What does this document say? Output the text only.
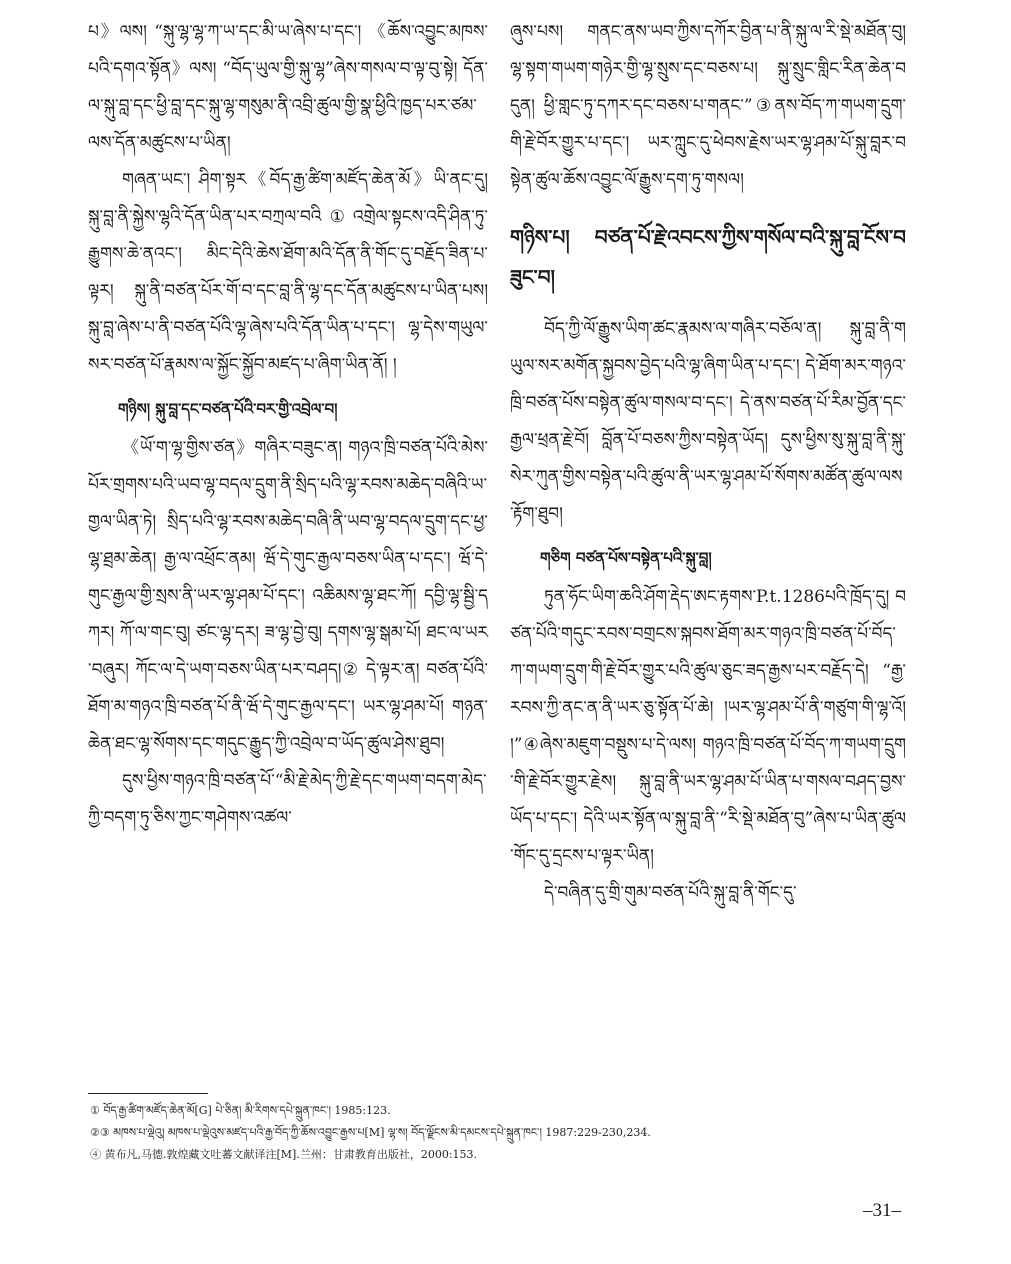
པ》ལས། “སྐུ་ལྷ་ལྷ་ཀ་ཡ་དང་མི་ཡ་ཞེས་པ་དང་། 《ཆོས་འབྱུང་མཁས་པའི་དགའ་སྟོན》ལས། “བོད་ཡུལ་གྱི་སྐུ་ལྷ”ཞེས་གསལ་བ་ལྟ་བུ་སྟེ། དོན་ལ་སྐུ་བླ་དང་ཕྱི་བླ་དང་སྐུ་ལྷ་གསུམ་ནི་འབྲི་ཚུལ་གྱི་སྣ་ཕྱིའི་ཁྱད་པར་ཙམ་ལས་དོན་མཚུངས་པ་ཡིན།

གཞན་ཡང་། ཤིག་སྟར《བོད་རྒྱ་ཚིག་མཛོད་ཆེན་མོ》ཡི་ནང་དུ། སྐུ་བླ་ནི་སྐྱེས་ལྷའི་དོན་ཡིན་པར་བཀྲལ་བའི①འགྲེལ་སྟངས་འདི་ཤིན་ཏུ་རྒྱུགས་ཆེ་ནའང་། མིང་དེའི་ཆེས་ཐོག་མའི་དོན་ནི་གོང་དུ་བརྗོད་ཟིན་པ་ལྟར། སྐུ་ནི་བཙན་པོར་གོ་བ་དང་བླ་ནི་ལྷ་དང་དོན་མཚུངས་པ་ཡིན་པས། སྐུ་བླ་ཞེས་པ་ནི་བཙན་པོའི་ལྷ་ཞེས་པའི་དོན་ཡིན་པ་དང་། ལྷ་དེས་གཡུལ་སར་བཙན་པོ་རྣམས་ལ་སྐྱོང་སྐྱོབ་མཛད་པ་ཞིག་ཡིན་ནོ། །

གཉིས། སྐུ་བླ་དང་བཙན་པོའི་བར་གྱི་འབྲེལ་བ།

《ཡོ་ག་ལྷ་གྱིས་ཙན》གཞིར་བཟུང་ན། གཉའ་ཁྲི་བཙན་པོའི་མེས་པོར་གྲགས་པའི་ཡབ་ལྷ་བདལ་དྲུག་ནི་སྲིད་པའི་ལྷ་རབས་མཆེད་བཞིའི་ཡ་གྱལ་ཡིན་ཏེ། སྲིད་པའི་ལྷ་རབས་མཆེད་བཞི་ནི་ཡབ་ལྷ་བདལ་དྲུག་དང་ཕྱ་ལྷ་ཐྲམ་ཆེན། རྒྱ་ལ་འཕྲོང་ནམ། ཝོ་དེ་གུང་རྒྱལ་བཅས་ཡིན་པ་དང་། ཝོ་དེ་གུང་རྒྱལ་གྱི་སྲས་ནི་ཡར་ལྷ་ཤམ་པོ་དང་། འཆིམས་ལྷ་ཐང་ཀོ། དབྱི་ལྷ་སྦྱི་དཀར། ཀོ་ལ་གང་བུ། ཙང་ལྷ་དར། ཟ་ལྷ་བྱེ་བུ། དགས་ལྷ་སྒམ་པོ། ཐང་ལ་ཡར་བཞུར། ཀོང་ལ་དེ་ཡག་བཅས་ཡིན་པར་བཤད།② དེ་ལྟར་ན། བཙན་པོའི་ཐོག་མ་གཉའ་ཁྲི་བཙན་པོ་ནི་ཝོ་དེ་གུང་རྒྱལ་དང་། ཡར་ལྷ་ཤམ་པོ། གཉན་ཆེན་ཐང་ལྷ་སོགས་དང་གདུང་རྒྱུད་ཀྱི་འབྲེལ་བ་ཡོད་ཚུལ་ཤེས་ཐུབ།

དུས་ཕྱིས་གཉའ་ཁྲི་བཙན་པོ་“མི་རྗེ་མེད་ཀྱི་རྗེ་དང་གཡག་བདག་མེད་ཀྱི་བདག་ཏུ་ཅིས་ཀྱང་གཤེགས་འཚལ་

ཞུས་པས། གནང་ནས་ཡབ་ཀྱིས་དཀོར་བྱིན་པ་ནི་སྐུ་ལ་རི་སྡེ་མཐོན་བུ། ལྷ་སྟག་གཡག་གཉེར་གྱི་ལྷ་སྲུས་དང་བཅས་པ། སྐུ་སྲུང་གླིང་རིན་ཆེན་བདུན། ཕྱི་གླང་ཏུ་དཀར་དང་བཅས་པ་གནང་”③ནས་བོད་ཀ་གཡག་དྲུག་གི་རྗེ་བོར་གྱུར་པ་དང་། ཡར་ཀླུང་དུ་ཕེབས་རྗེས་ཡར་ལྷ་ཤམ་པོ་སྐུ་བླར་བསྟེན་ཚུལ་ཆོས་འབྱུང་ལོ་རྒྱུས་དག་ཏུ་གསལ།

གཉིས་པ། བཙན་པོ་རྗེ་འབངས་ཀྱིས་གསོལ་བའི་སྐུ་བླ་ངོས་བཟུང་བ།

བོད་ཀྱི་ལོ་རྒྱུས་ཡིག་ཚང་རྣམས་ལ་གཞིར་བཅོལ་ན། སྐུ་བླ་ནི་གཡུལ་སར་མགོན་སྐྱབས་བྱེད་པའི་ལྷ་ཞིག་ཡིན་པ་དང་། དེ་ཐོག་མར་གཉའ་ཁྲི་བཙན་པོས་བསྟེན་ཚུལ་གསལ་བ་དང་། དེ་ནས་བཙན་པོ་རིམ་བྱོན་དང་རྒྱལ་ཕྲན་རྗེ་བོ། བློན་པོ་བཅས་ཀྱིས་བསྟེན་ཡོད། དུས་ཕྱིས་སུ་སྐུ་བླ་ནི་སྐུ་སེར་ཀུན་གྱིས་བསྟེན་པའི་ཚུལ་ནི་ཡར་ལྷ་ཤམ་པོ་སོགས་མཚོན་ཚུལ་ལས་རྟོག་ཐུབ།

གཅིག བཙན་པོས་བསྟེན་པའི་སྐུ་བླ།

ཏུན་ཧོང་ཡིག་ཆའི་ཤོག་རྡེད་ཨང་རྟགས་P.t.1286པའི་ཁྲོད་དུ། བཙན་པོའི་གདུང་རབས་བགྲངས་སྐབས་ཐོག་མར་གཉའ་ཁྲི་བཙན་པོ་བོད་ཀ་གཡག་དྲུག་གི་རྗེ་བོར་གྱུར་པའི་ཚུལ་ཅུང་ཟད་རྒྱས་པར་བརྗོད་དེ། “རྒྱ་རབས་ཀྱི་ནང་ན་ནི་ཡར་ཅུ་སྟོན་པོ་ཆེ། །ཡར་ལྷ་ཤམ་པོ་ནི་གཙུག་གི་ལྷ་འོ། །”④ཞེས་མཇུག་བསྡུས་པ་དེ་ལས། གཉའ་ཁྲི་བཙན་པོ་བོད་ཀ་གཡག་དྲུག་གི་རྗེ་བོར་གྱུར་རྗེས། སྐུ་བླ་ནི་ཡར་ལྷ་ཤམ་པོ་ཡིན་པ་གསལ་བཤད་བྱས་ཡོད་པ་དང་། དེའི་ཡར་སྟོན་ལ་སྐུ་བླ་ནི་“རི་སྡེ་མཐོན་བུ”ཞེས་པ་ཡིན་ཚུལ་གོང་དུ་དྲངས་པ་ལྟར་ཡིན།

དེ་བཞིན་དུ་གྲི་གུམ་བཙན་པོའི་སྐུ་བླ་ནི་གོང་དུ་

① བོད་རྒྱ་ཚིག་མཛོད་ཆེན་མོ[G] པེ་ཅིན། མི་རིགས་དཔེ་སྐྲུན་ཁང་། 1985:123.
②③ མཁས་པ་ལྡེའུ། མཁས་པ་ལྡེའུས་མཛད་པའི་རྒྱ་བོད་ཀྱི་ཆོས་འབྱུང་རྒྱས་པ[M] ལྷ་ས། བོད་ལྗོངས་མི་དམངས་དཔེ་སྐྲུན་ཁང་། 1987:229-230,234.
④ 黄布凡,马德.敦煌藏文吐蕃文献译注[M].兰州：甘肃教育出版社，2000:153.
–31–
